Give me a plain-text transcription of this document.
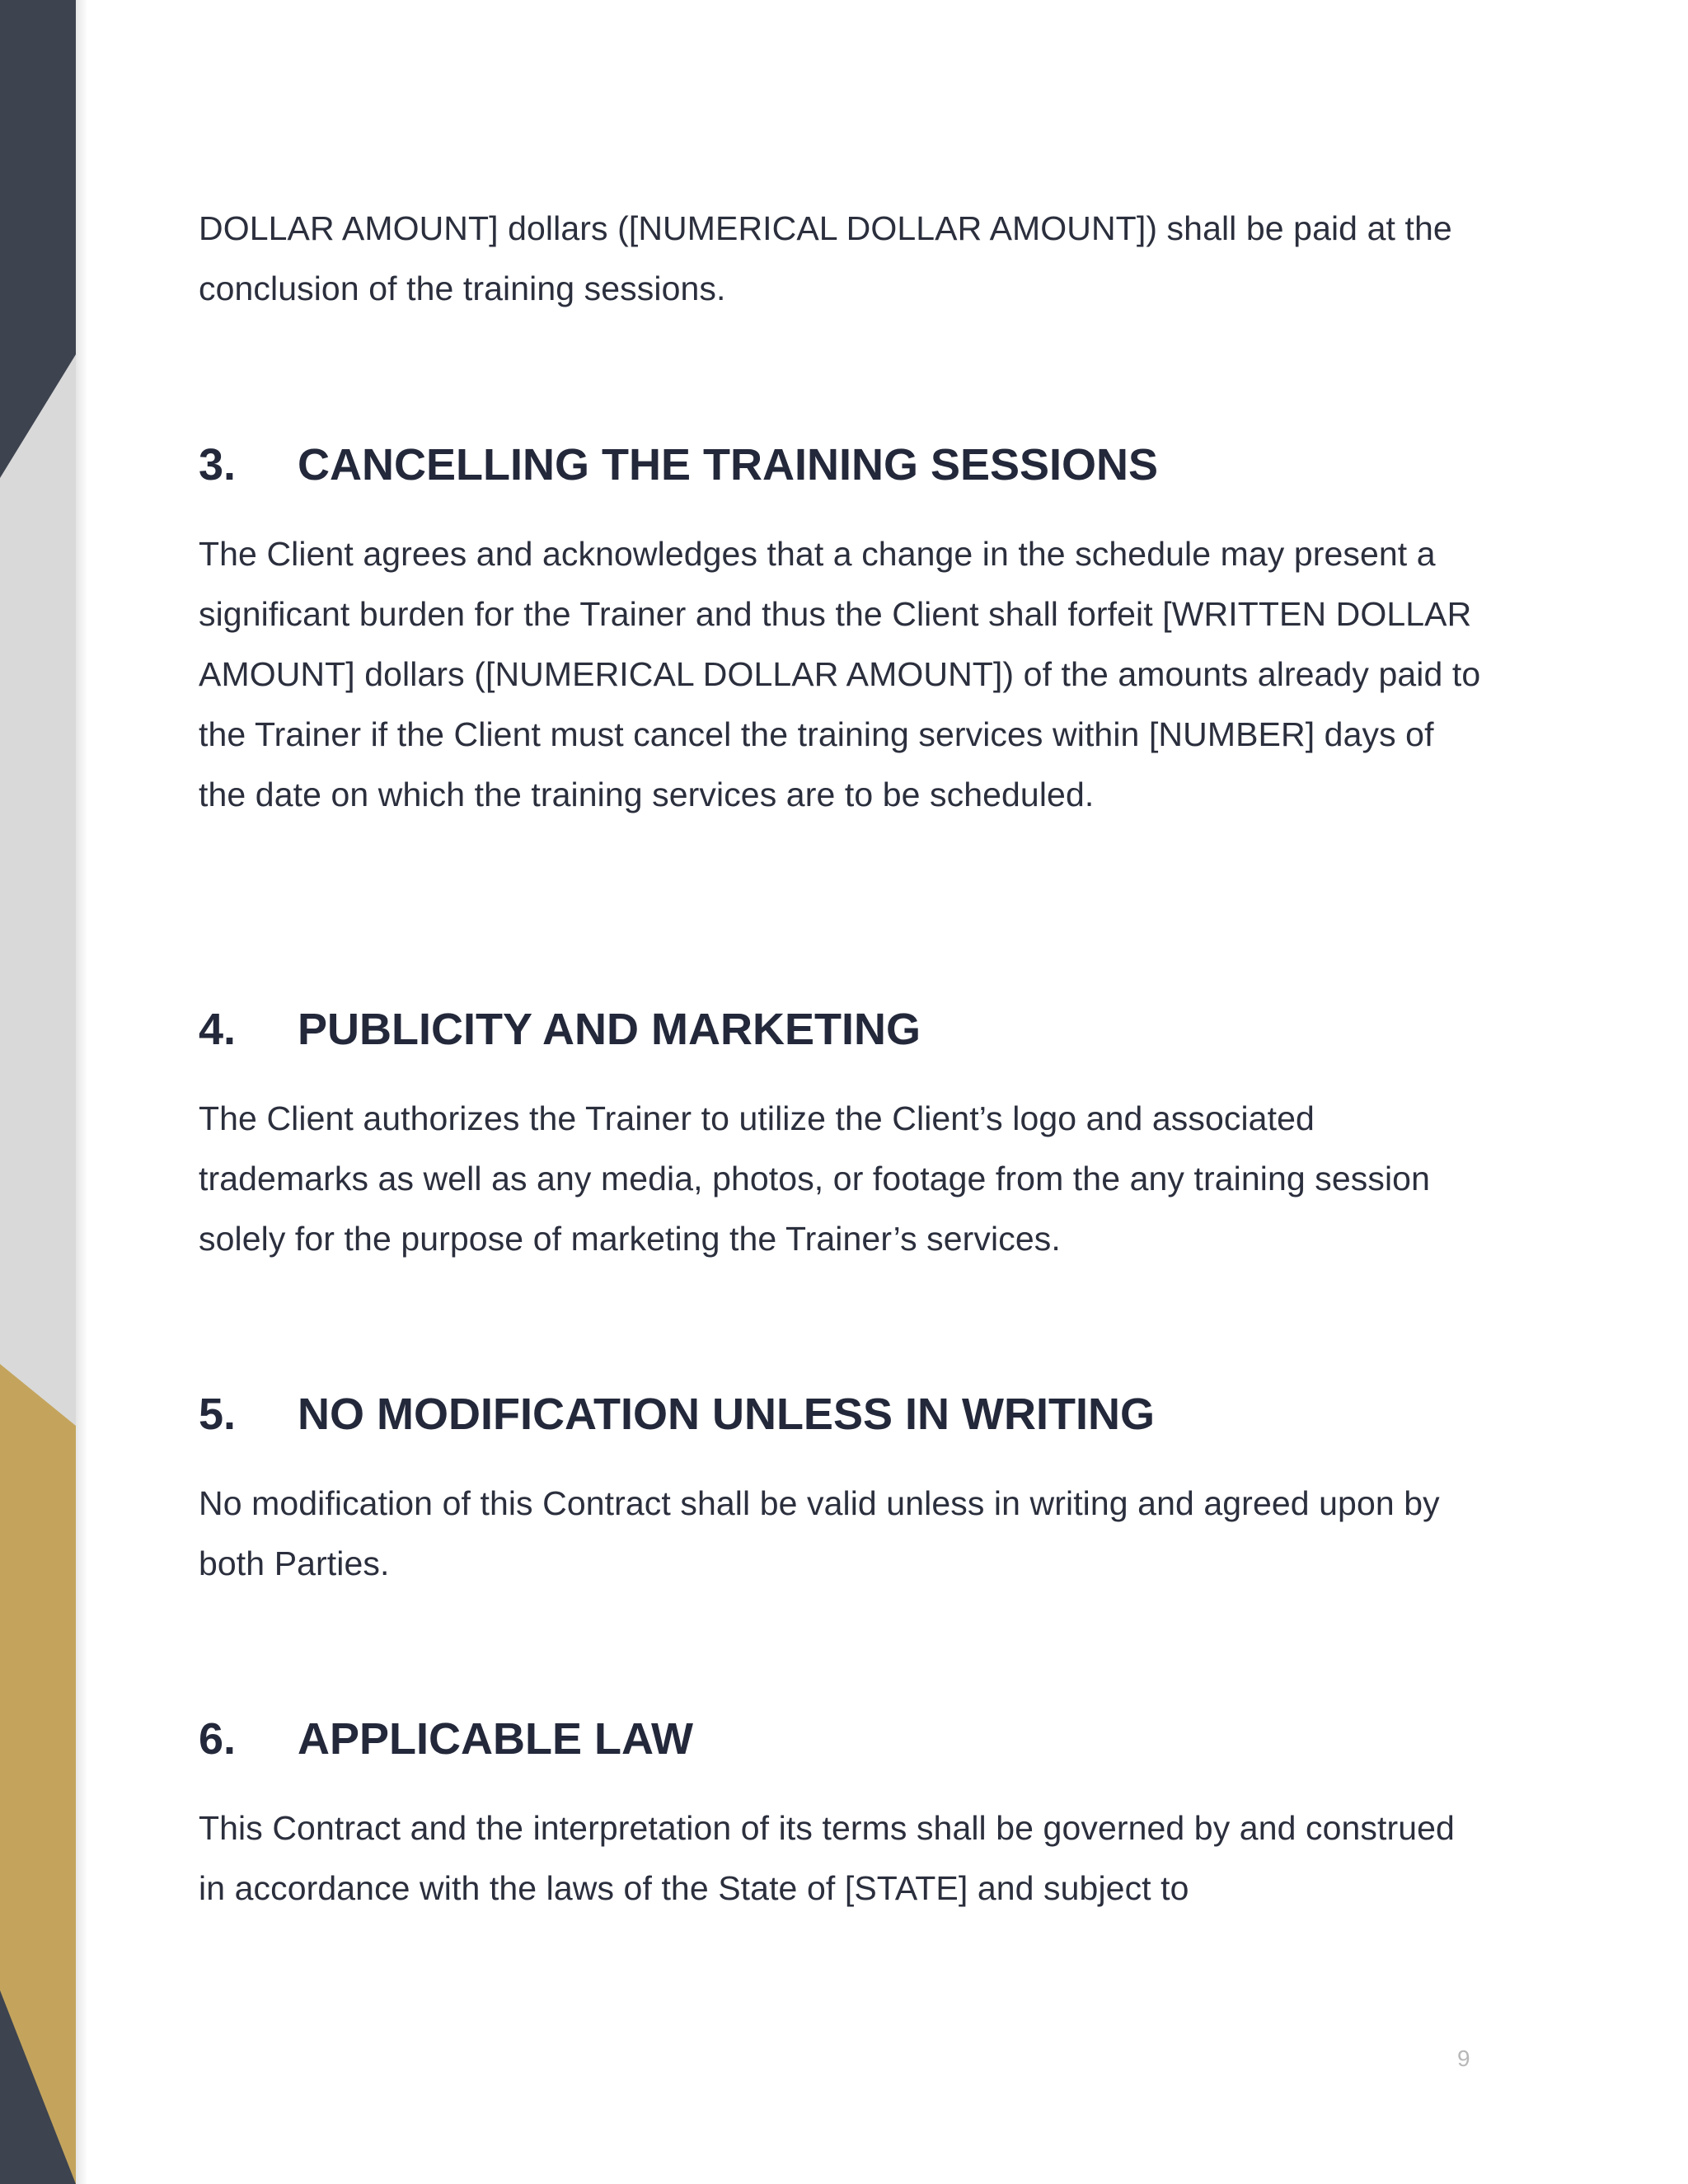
DOLLAR AMOUNT] dollars ([NUMERICAL DOLLAR AMOUNT]) shall be paid at the conclusion of the training sessions.

3. CANCELLING THE TRAINING SESSIONS

The Client agrees and acknowledges that a change in the schedule may present a significant burden for the Trainer and thus the Client shall forfeit [WRITTEN DOLLAR AMOUNT] dollars ([NUMERICAL DOLLAR AMOUNT]) of the amounts already paid to the Trainer if the Client must cancel the training services within [NUMBER] days of the date on which the training services are to be scheduled.

4. PUBLICITY AND MARKETING

The Client authorizes the Trainer to utilize the Client’s logo and associated trademarks as well as any media, photos, or footage from the any training session solely for the purpose of marketing the Trainer’s services.

5. NO MODIFICATION UNLESS IN WRITING

No modification of this Contract shall be valid unless in writing and agreed upon by both Parties.

6. APPLICABLE LAW

This Contract and the interpretation of its terms shall be governed by and construed in accordance with the laws of the State of [STATE] and subject to

9
